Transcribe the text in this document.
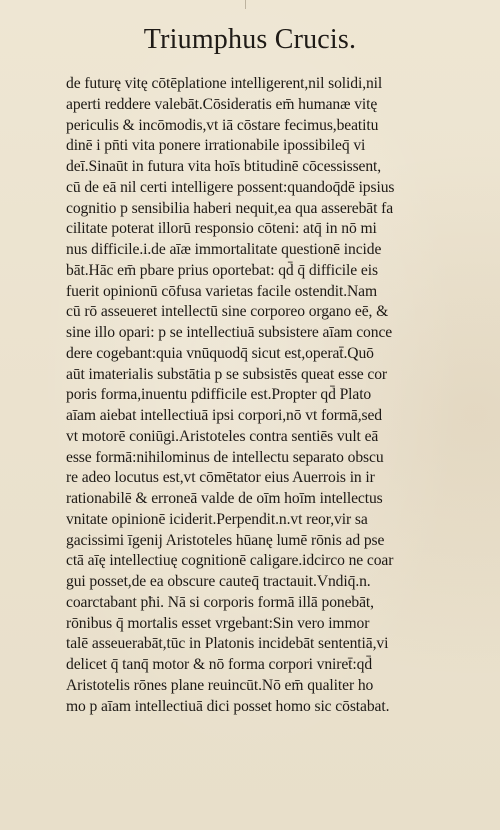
Triumphus Crucis.
de futurę vitę cōtēplatione intelligerent,nil solidi,nil
aperti reddere valebāt.Cōsideratis em̄ humanæ vitę
periculis & incōmodis,vt iā cōstare fecimus,beatitu
dinē i pn̄ti vita ponere irrationabile ipossibileq̄ vi
deī.Sinaūt in futura vita hoīs btitudinē cōcessissent,
cū de eā nil certi intelligere possent:quandoq̄dē ipsius
cognitio p sensibilia haberi nequit,ea qua asserebāt fa
cilitate poterat illorū responsio cōteni: atq̄ in nō mi
nus difficile.i.de aīæ immortalitate questionē incide
bāt.Hāc em̄ pbare prius oportebat: qd̄ q̄ difficile eis
fuerit opinionū cōfusa varietas facile ostendit.Nam
cū rō asseueret intellectū sine corporeo organo eē, &
sine illo opari: p se intellectiuā subsistere aīam conce
dere cogebant:quia vnūquodq̄ sicut est,operat̄.Quō
aūt imaterialis substātia p se subsistēs queat esse cor
poris forma,inuentu pdifficile est.Propter qd̄ Plato
aīam aiebat intellectiuā ipsi corpori,nō vt formā,sed
vt motorē coniūgi.Aristoteles contra sentiēs vult eā
esse formā:nihilominus de intellectu separato obscu
re adeo locutus est,vt cōmētator eius Auerrois in ir
rationabilē & erroneā valde de oīm hoīm intellectus
vnitate opinionē iciderit.Perpendit.n.vt reor,vir sa
gacissimi īgenij Aristoteles hūanę lumē rōnis ad pse
ctā aīę intellectiuę cognitionē caligare.idcirco ne coar
gui posset,de ea obscure cauteq̄ tractauit.Vndiq̄.n.
coarctabant pħi. Nā si corporis formā illā ponebāt,
rōnibus q̄ mortalis esset vrgebant:Sin vero immor
talē asseuerabāt,tūc in Platonis incidebāt sententiā,vi
delicet q̄ tanq̄ motor & nō forma corpori vniret̄:qd̄
Aristotelis rōnes plane reuincūt.Nō em̄ qualiter ho
mo p aīam intellectiuā dici posset homo sic cōstabat.
